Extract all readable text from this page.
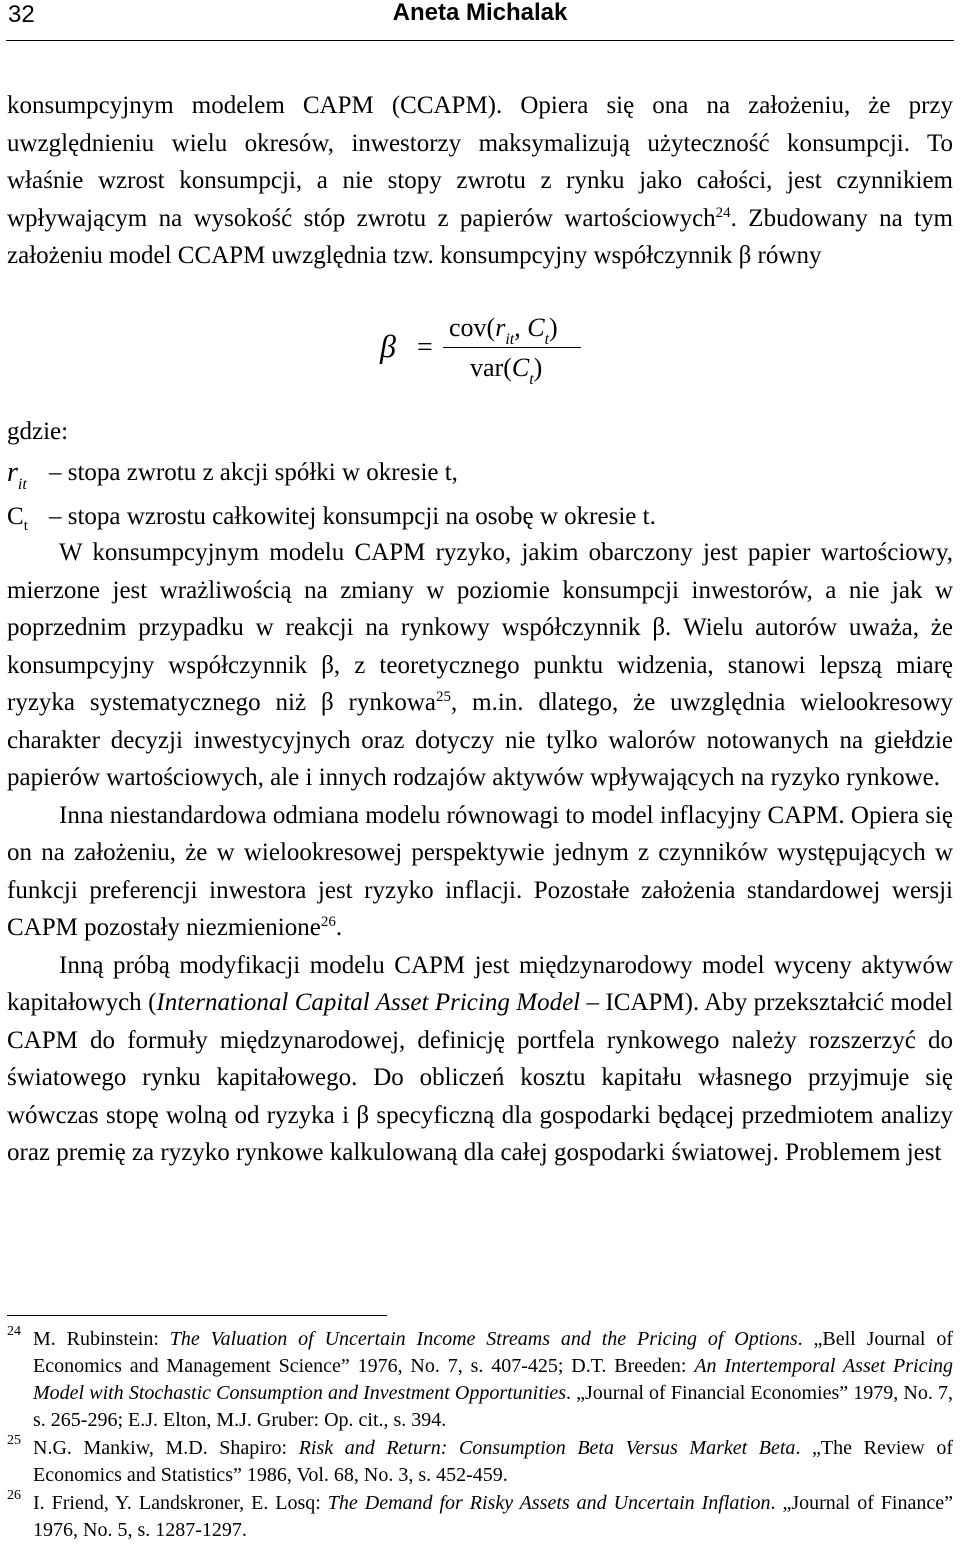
32	Aneta Michalak

konsumpcyjnym modelem CAPM (CCAPM). Opiera się ona na założeniu, że przy uwzględnieniu wielu okresów, inwestorzy maksymalizują użyteczność konsumpcji. To właśnie wzrost konsumpcji, a nie stopy zwrotu z rynku jako całości, jest czynnikiem wpływającym na wysokość stóp zwrotu z papierów wartościowych$^{24}$. Zbudowany na tym założeniu model CCAPM uwzględnia tzw. konsumpcyjny współczynnik β równy

β =
$cov(r_{it}$, $C_t$)
$var(C_t)$

gdzie:

$r_{it}$ – stopa zwrotu z akcji spółki w okresie t,
$C_t$ – stopa wzrostu całkowitej konsumpcji na osobę w okresie t.

W konsumpcyjnym modelu CAPM ryzyko, jakim obarczony jest papier wartościowy, mierzone jest wrażliwością na zmiany w poziomie konsumpcji inwestorów, a nie jak w poprzednim przypadku w reakcji na rynkowy współczynnik β. Wielu autorów uważa, że konsumpcyjny współczynnik β, z teoretycznego punktu widzenia, stanowi lepszą miarę ryzyka systematycznego niż β rynkowa$^{25}$, m.in. dlatego, że uwzględnia wielookresowy charakter decyzji inwestycyjnych oraz dotyczy nie tylko walorów notowanych na giełdzie papierów wartościowych, ale i innych rodzajów aktywów wpływających na ryzyko rynkowe.

Inna niestandardowa odmiana modelu równowagi to model inflacyjny CAPM. Opiera się on na założeniu, że w wielookresowej perspektywie jednym z czynników występujących w funkcji preferencji inwestora jest ryzyko inflacji. Pozostałe założenia standardowej wersji CAPM pozostały niezmienione$^{26}$.

Inną próbą modyfikacji modelu CAPM jest międzynarodowy model wyceny aktywów kapitałowych (International Capital Asset Pricing Model – ICAPM). Aby przekształcić model CAPM do formuły międzynarodowej, definicję portfela rynkowego należy rozszerzyć do światowego rynku kapitałowego. Do obliczeń kosztu kapitału własnego przyjmuje się wówczas stopę wolną od ryzyka i β specyficzną dla gospodarki będącej przedmiotem analizy oraz premię za ryzyko rynkowe kalkulowaną dla całej gospodarki światowej. Problemem jest

24 M. Rubinstein: The Valuation of Uncertain Income Streams and the Pricing of Options. „Bell Journal of Economics and Management Science” 1976, No. 7, s. 407-425; D.T. Breeden: An Intertemporal Asset Pricing Model with Stochastic Consumption and Investment Opportunities. „Journal of Financial Economies” 1979, No. 7, s. 265-296; E.J. Elton, M.J. Gruber: Op. cit., s. 394.
25 N.G. Mankiw, M.D. Shapiro: Risk and Return: Consumption Beta Versus Market Beta. „The Review of Economics and Statistics” 1986, Vol. 68, No. 3, s. 452-459.
26 I. Friend, Y. Landskroner, E. Losq: The Demand for Risky Assets and Uncertain Inflation. „Journal of Finance” 1976, No. 5, s. 1287-1297.
